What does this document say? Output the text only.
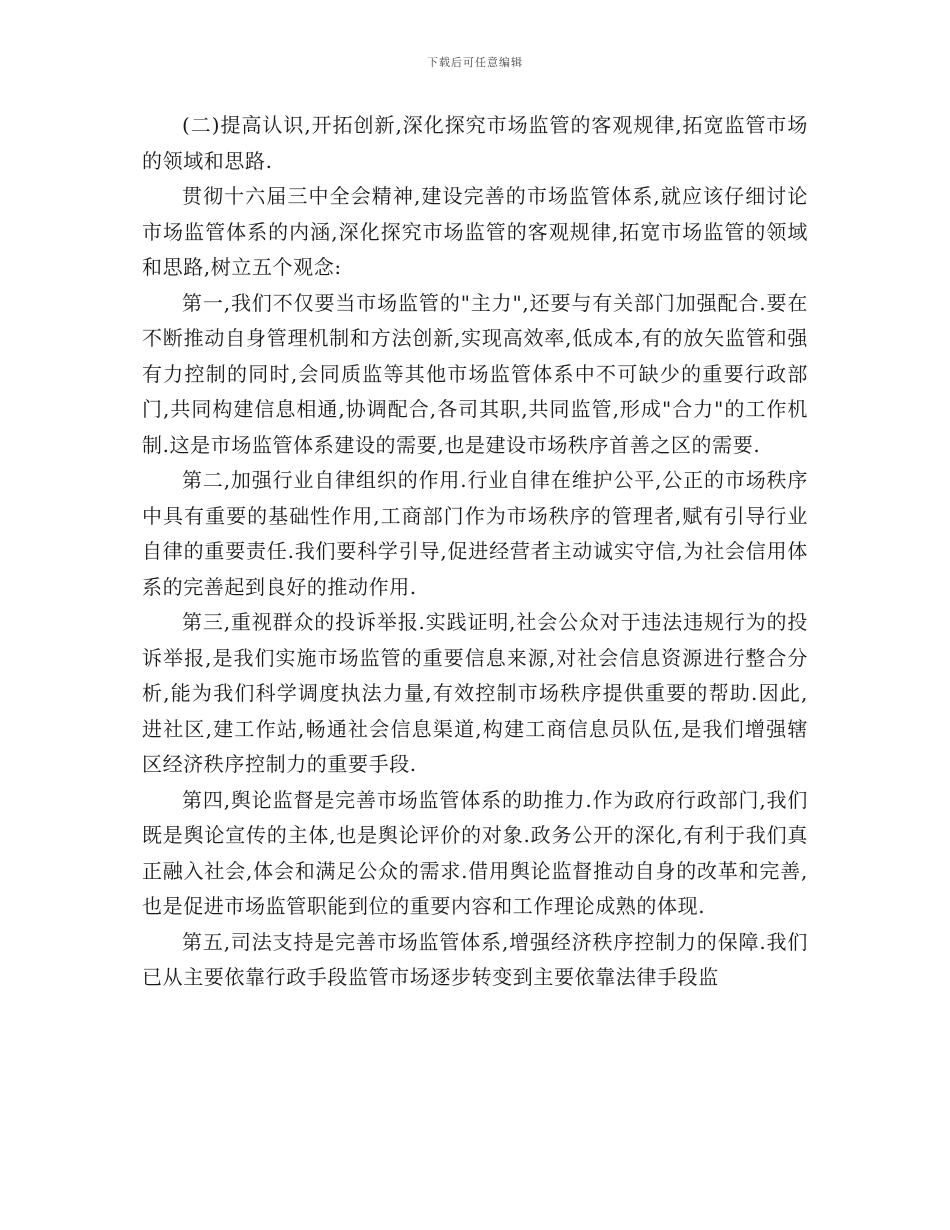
下载后可任意编辑

(二)提高认识,开拓创新,深化探究市场监管的客观规律,拓宽监管市场的领域和思路.

贯彻十六届三中全会精神,建设完善的市场监管体系,就应该仔细讨论市场监管体系的内涵,深化探究市场监管的客观规律,拓宽市场监管的领域和思路,树立五个观念:

第一,我们不仅要当市场监管的"主力",还要与有关部门加强配合.要在不断推动自身管理机制和方法创新,实现高效率,低成本,有的放矢监管和强有力控制的同时,会同质监等其他市场监管体系中不可缺少的重要行政部门,共同构建信息相通,协调配合,各司其职,共同监管,形成"合力"的工作机制.这是市场监管体系建设的需要,也是建设市场秩序首善之区的需要.

第二,加强行业自律组织的作用.行业自律在维护公平,公正的市场秩序中具有重要的基础性作用,工商部门作为市场秩序的管理者,赋有引导行业自律的重要责任.我们要科学引导,促进经营者主动诚实守信,为社会信用体系的完善起到良好的推动作用.

第三,重视群众的投诉举报.实践证明,社会公众对于违法违规行为的投诉举报,是我们实施市场监管的重要信息来源,对社会信息资源进行整合分析,能为我们科学调度执法力量,有效控制市场秩序提供重要的帮助.因此,进社区,建工作站,畅通社会信息渠道,构建工商信息员队伍,是我们增强辖区经济秩序控制力的重要手段.

第四,舆论监督是完善市场监管体系的助推力.作为政府行政部门,我们既是舆论宣传的主体,也是舆论评价的对象.政务公开的深化,有利于我们真正融入社会,体会和满足公众的需求.借用舆论监督推动自身的改革和完善,也是促进市场监管职能到位的重要内容和工作理论成熟的体现.

第五,司法支持是完善市场监管体系,增强经济秩序控制力的保障.我们已从主要依靠行政手段监管市场逐步转变到主要依靠法律手段监
